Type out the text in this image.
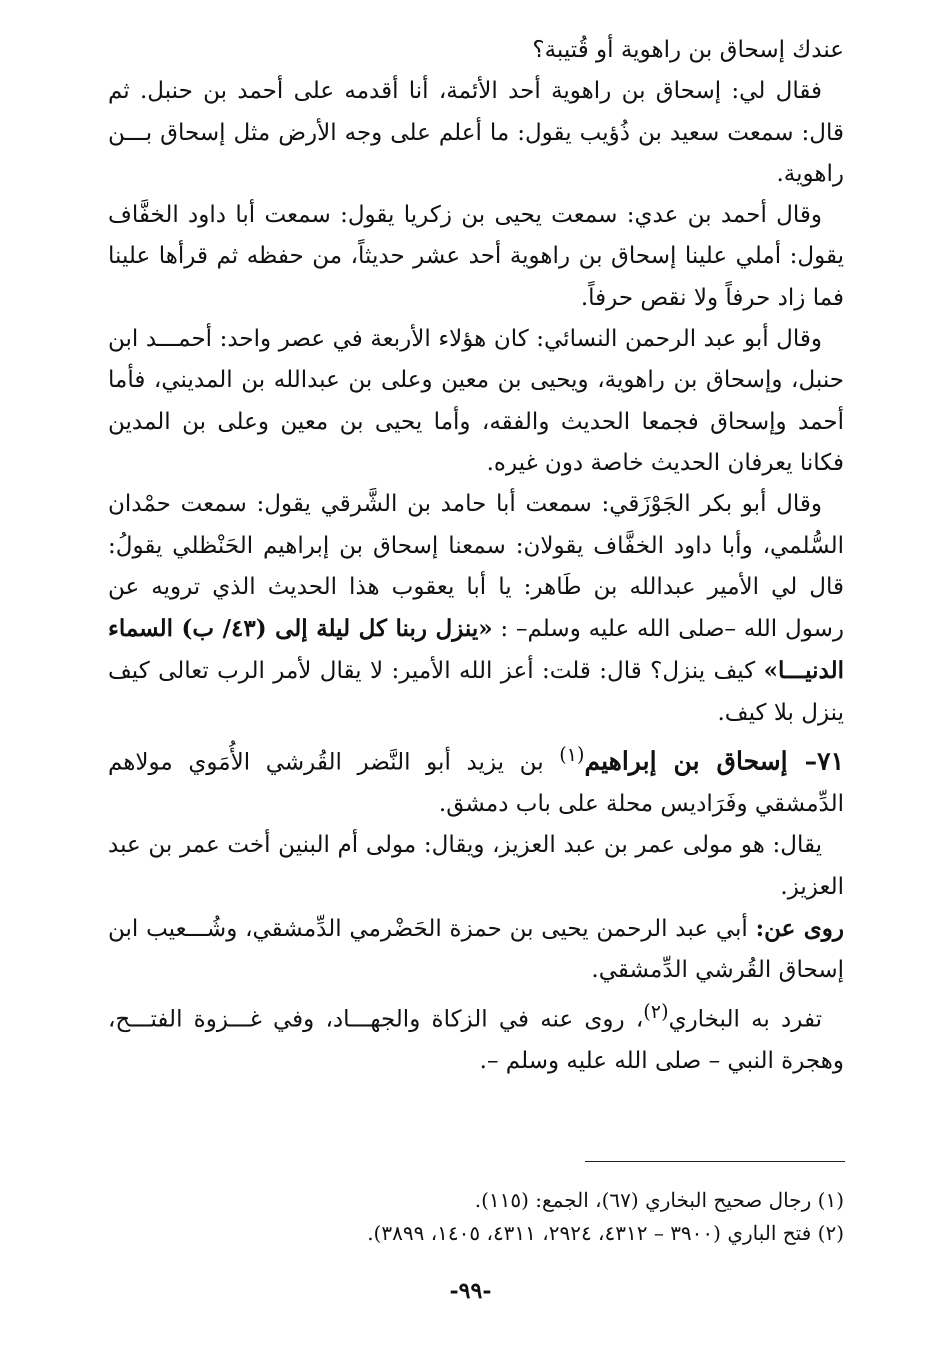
عندك إسحاق بن راهوية أو قُتيبة؟

فقال لي: إسحاق بن راهوية أحد الأئمة، أنا أقدمه على أحمد بن حنبل. ثم قال: سمعت سعيد بن ذُؤيب يقول: ما أعلم على وجه الأرض مثل إسحاق بـــن راهوية.

وقال أحمد بن عدي: سمعت يحيى بن زكريا يقول: سمعت أبا داود الخفَّاف يقول: أملي علينا إسحاق بن راهوية أحد عشر حديثاً، من حفظه ثم قرأها علينا فما زاد حرفاً ولا نقص حرفاً.

وقال أبو عبد الرحمن النسائي: كان هؤلاء الأربعة في عصر واحد: أحمـــد ابن حنبل، وإسحاق بن راهوية، ويحيى بن معين وعلى بن عبدالله بن المديني، فأما أحمد وإسحاق فجمعا الحديث والفقه، وأما يحيى بن معين وعلى بن المدين فكانا يعرفان الحديث خاصة دون غيره.

وقال أبو بكر الجَوْزَقي: سمعت أبا حامد بن الشَّرقي يقول: سمعت حمْدان السُّلمي، وأبا داود الخفَّاف يقولان: سمعنا إسحاق بن إبراهيم الحَنْظلي يقولُ: قال لي الأمير عبدالله بن طَاهر: يا أبا يعقوب هذا الحديث الذي ترويه عن رسول الله –صلى الله عليه وسلم– : «ينزل ربنا كل ليلة إلى (٤٣/ ب) السماء الدنيـــا» كيف ينزل؟ قال: قلت: أعز الله الأمير: لا يقال لأمر الرب تعالى كيف ينزل بلا كيف.

٧١– إسحاق بن إبراهيم$^{(١)}$ بن يزيد أبو النَّضر القُرشي الأُمَوي مولاهم الدِّمشقي وفَرَاديس محلة على باب دمشق.

يقال: هو مولى عمر بن عبد العزيز، ويقال: مولى أم البنين أخت عمر بن عبد العزيز.

روى عن: أبي عبد الرحمن يحيى بن حمزة الحَضْرمي الدِّمشقي، وشُـــعيب ابن إسحاق القُرشي الدِّمشقي.

تفرد به البخاري$^{(٢)}$، روى عنه في الزكاة والجهـــاد، وفي غـــزوة الفتـــح، وهجرة النبي – صلى الله عليه وسلم –.

(١) رجال صحيح البخاري (٦٧)، الجمع: (١١٥).

(٢) فتح الباري (٣٩٠٠ – ٤٣١٢، ٢٩٢٤، ٤٣١١، ١٤٠٥، ٣٨٩٩).

-٩٩-
